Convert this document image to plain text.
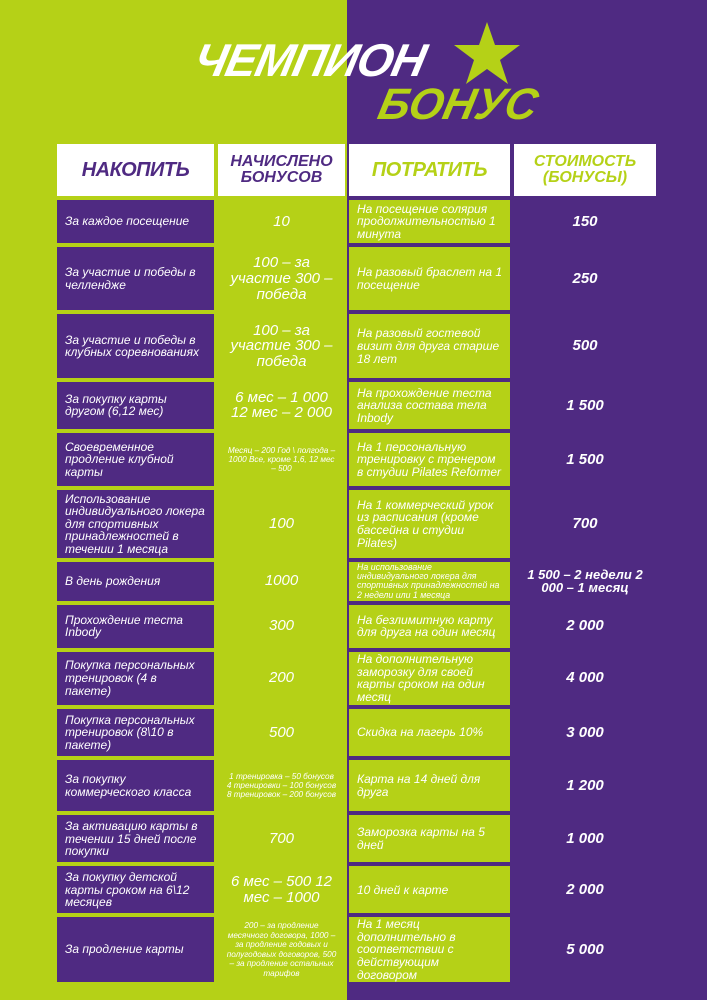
ЧЕМПИОН
БОНУС
НАКОПИТЬ	НАЧИСЛЕНО БОНУСОВ	ПОТРАТИТЬ	СТОИМОСТЬ (БОНУСЫ)
За каждое посещение	10	На посещение солярия продолжительностью 1 минута	150
За участие и победы в челлендже	100 – за участие 300 – победа	На разовый браслет на 1 посещение	250
За участие и победы в клубных соревнованиях	100 – за участие 300 – победа	На разовый гостевой визит для друга старше 18 лет	500
За покупку карты другом (6,12 мес)	6 мес – 1 000 12 мес – 2 000	На прохождение теста анализа состава тела Inbody	1 500
Своевременное продление клубной карты	Месяц – 200 Год \ полгода – 1000 Все, кроме 1,6, 12 мес – 500	На 1 персональную тренировку с тренером в студии Pilates Reformer	1 500
Использование индивидуального локера для спортивных принадлежностей в течении 1 месяца	100	На 1 коммерческий урок из расписания (кроме бассейна и студии Pilates)	700
В день рождения	1000	На использование индивидуального локера для спортивных принадлежностей на 2 недели или 1 месяца	1 500 – 2 недели 2 000 – 1 месяц
Прохождение теста Inbody	300	На безлимитную карту для друга на один месяц	2 000
Покупка персональных тренировок (4 в пакете)	200	На дополнительную заморозку для своей карты сроком на один месяц	4 000
Покупка персональных тренировок (8\10 в пакете)	500	Скидка на лагерь 10%	3 000
За покупку коммерческого класса	1 тренировка – 50 бонусов 4 тренировки – 100 бонусов 8 тренировок – 200 бонусов	Карта на 14 дней для друга	1 200
За активацию карты в течении 15 дней после покупки	700	Заморозка карты на 5 дней	1 000
За покупку детской карты сроком на 6\12 месяцев	6 мес – 500 12 мес – 1000	10 дней к карте	2 000
За продление карты	200 – за продление месячного договора, 1000 – за продление годовых и полугодовых договоров, 500 – за продление остальных тарифов	На 1 месяц дополнительно в соответствии с действующим договором	5 000
